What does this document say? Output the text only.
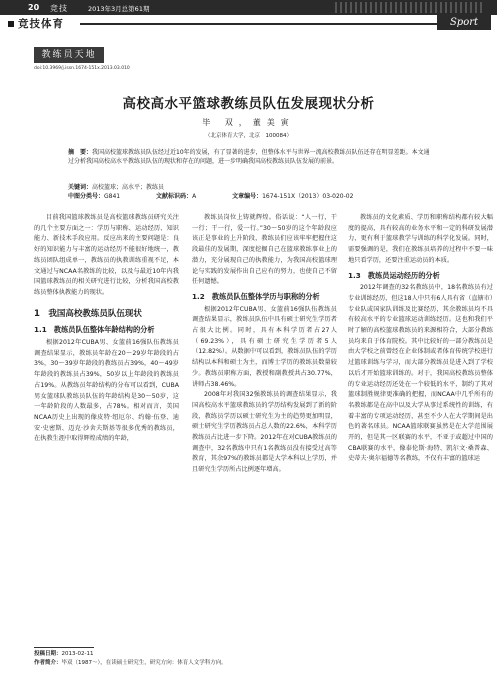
20 竞技	2013年3月总第61期
竞技体育	Sport
教练员天地
doi:10.3969/j.issn.1674-151x.2013.03.010
高校高水平篮球教练员队伍发展现状分析
毕 双，董美寅
（北京体育大学，北京　100084）
摘　要：我国高校篮球教练员队伍经过近10年的发展，有了显著的进步，但整体水平与世界一流高校教练员队伍还存在明显差距。本文通过分析我国高校高水平教练员队伍的现状和存在的问题，进一步明确我国高校教练员队伍发展的前景。
关键词：高校篮球；高水平；教练员
中图分类号：G841	文献标识码：A	文章编号：1674-151X（2013）03-020-02

目前我国篮球教练员是高校篮球教练员研究关注的几个主要方面之一：学历与职称、运动经历、知识能力、新技术手段应用。反应出来的主要问题是：良好的知识能力与丰富的运动经历不能很好地统一，教练员团队组成单一，教练员的执教训练重视不足，本文通过与NCAA名教练的比较，以及与最近10年内我国篮球教练员的相关研究进行比较，分析我国高校教练员整体执教能力的现状。

1　我国高校教练员队伍现状

1.1　教练员队伍整体年龄结构的分析

根据2012年CUBA男、女篮前16强队伍教练员调查结果显示，教练员年龄在20～29岁年龄段的占3%，30～39岁年龄段的教练员占39%，40～49岁年龄段的教练员占39%，50岁以上年龄段的教练员占19%。从教练员年龄结构的分布可以看到，CUBA男女篮球队教练员队伍的年龄结构是30～50岁，这一年龄阶段的人数最多，占78%。相对而言，美国NCAA历史上出现的像皮特·纽厄尔、约翰·伍登、迪安·史密斯、迈克·沙舍夫斯基等很多优秀的教练员，在执教生涯中取得辉煌成绩的年龄，

教练员岗位上铸就辉煌。俗话说：“人一行，干一行；干一行，爱一行。”30～50岁的这个年龄段应该正是事业的上升阶段，教练员们应该牢牢把握住这段最佳的发展期，深度挖掘自己在篮球教练事业上的潜力，充分展现自己的执教能力，为我国高校篮球理论与实践的发展作出自己应有的努力，也使自己不留任何遗憾。

1.2　教练员队伍整体学历与职称的分析

根据2012年CUBA男、女篮前16强队伍教练员调查结果显示，教练员队伍中具有硕士研究生学历者占很大比例。同时，具有本科学历者占27人（69.23%），具有硕士研究生学历者5人（12.82%）。从数据中可以看到，教练员队伍的学历结构以本科和硕士为主，而博士学历的教练员数量较少。教练员职称方面，教授和副教授共占30.77%，讲师占38.46%。

2008年对我国32强教练员的调查结果显示，我国高校高水平篮球教练员的学历结构发展到了新的阶段，教练员学历以硕士研究生为主的趋势更加明显，硕士研究生学历教练员占总人数的22.6%，本科学历教练员占比进一步下降。2012年在对CUBA教练员的调查中，32名教练中只有1名教练员没有接受过高等教育，其余97%的教练员都是大学本科以上学历，并且研究生学历所占比例逐年增高。

教练员的文化素质、学历和职称结构都有较大幅度的提高，具有较高的业务水平和一定的科研发展潜力，更有利于篮球教学与训练的科学化发展。同时，需要强调的是，我们在教练员培养的过程中不要一味地只看学历，还要注重运动员的本质。

1.3　教练员运动经历的分析

2012年调查的32名教练员中，18名教练员有过专业训练经历，但这18人中只有6人具有省（直辖市）专业队或国家队训练及比赛经历，其余教练员均不具有较高水平的专业篮球运动训练经历。这也和我们平时了解的高校篮球教练员的来源相符合，大部分教练员均来自于体育院校。其中比较好的一部分教练员是由大学校之前曾经在企业体制或者体育传统学校进行过篮球训练与学习，而大部分教练员是进入到了学校以后才开始篮球训练的。对于，我国高校教练员整体的专业运动经历还处在一个较低的水平，制约了其对篮球制胜规律更准确的把握，而NCAA中几乎所有的名教练都是在高中以及大学从事过系统性的训练，有着丰富的专项运动经历，甚至不少人在大学期间是出色的著名球员。NCAA篮球联赛虽然是在大学范围展开的，但是其一区联赛的水平，不亚于或超过中国的CBA联赛的水平，像泰伦斯·海特、凯尔文·桑普森、史蒂夫·奥尔福德等名教练，不仅有丰富的篮球运

投稿日期：2013-02-11
作者简介：毕双（1987～），在读硕士研究生，研究方向：体育人文学科方向。
